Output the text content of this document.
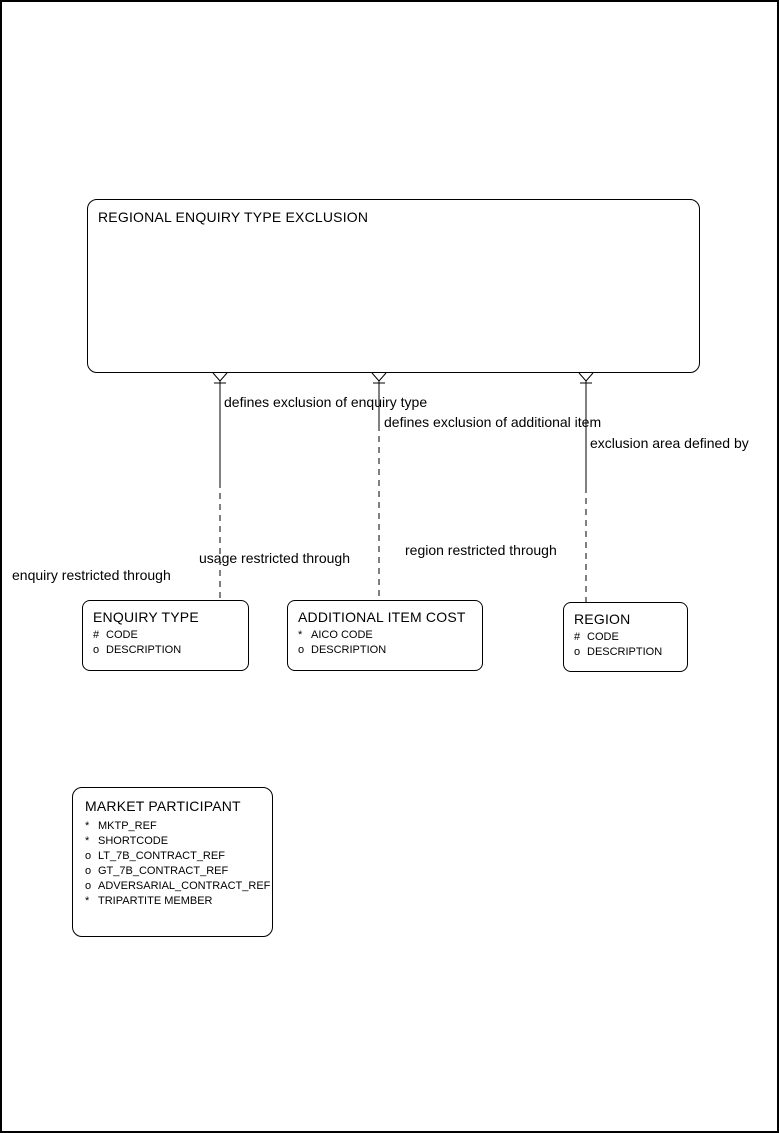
REGIONAL ENQUIRY TYPE EXCLUSION
defines exclusion of enquiry type
defines exclusion of additional item
exclusion area defined by
enquiry restricted through
usage restricted through	region restricted through
ENQUIRY TYPE
# CODE
o DESCRIPTION
ADDITIONAL ITEM COST
* AICO CODE
o DESCRIPTION
REGION
# CODE
o DESCRIPTION
MARKET PARTICIPANT
* MKTP_REF
* SHORTCODE
o LT_7B_CONTRACT_REF
o GT_7B_CONTRACT_REF
o ADVERSARIAL_CONTRACT_REF
* TRIPARTITE MEMBER
